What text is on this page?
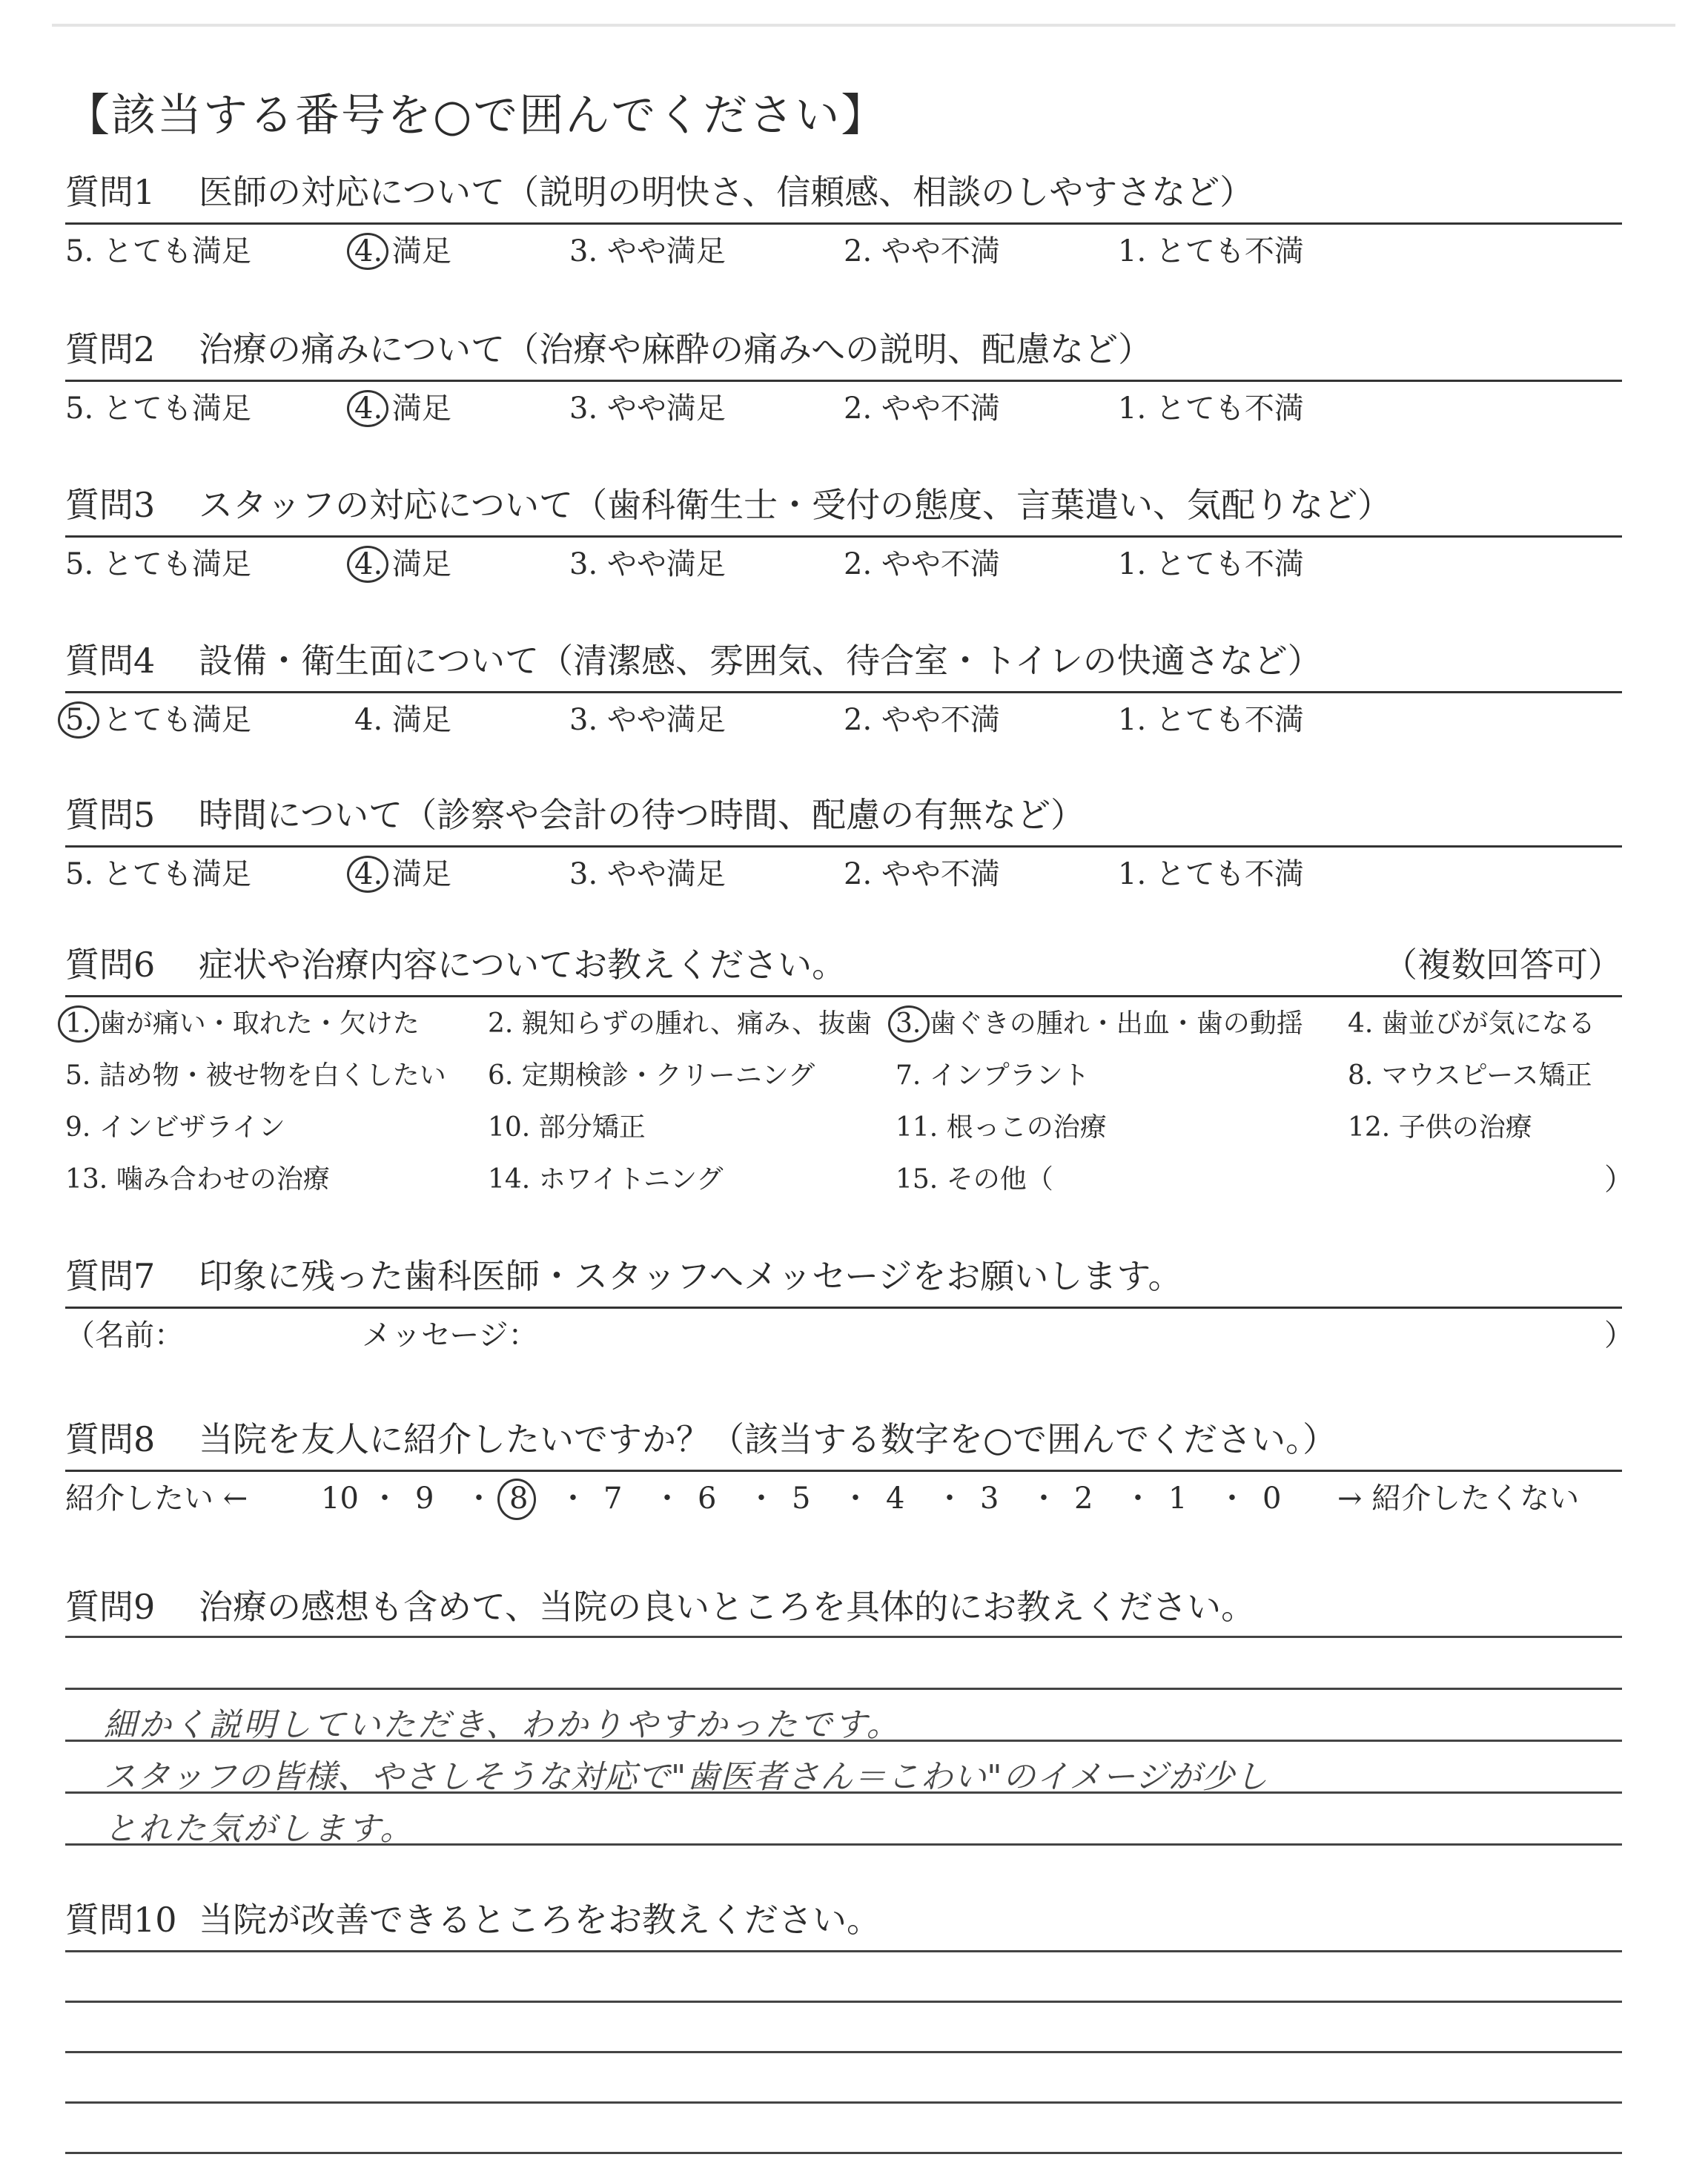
【該当する番号を○で囲んでください】
質問1 医師の対応について（説明の明快さ、信頼感、相談のしやすさなど）
5. とても満足	4. 満足	3. やや満足	2. やや不満	1. とても不満
質問2 治療の痛みについて（治療や麻酔の痛みへの説明、配慮など）
5. とても満足	4. 満足	3. やや満足	2. やや不満	1. とても不満
質問3 スタッフの対応について（歯科衛生士・受付の態度、言葉遣い、気配りなど）
5. とても満足	4. 満足	3. やや満足	2. やや不満	1. とても不満
質問4 設備・衛生面について（清潔感、雰囲気、待合室・トイレの快適さなど）
5. とても満足	4. 満足	3. やや満足	2. やや不満	1. とても不満
質問5 時間について（診察や会計の待つ時間、配慮の有無など）
5. とても満足	4. 満足	3. やや満足	2. やや不満	1. とても不満
質問6 症状や治療内容についてお教えください。	（複数回答可）
1. 歯が痛い・取れた・欠けた	2. 親知らずの腫れ、痛み、抜歯 3. 歯ぐきの腫れ・出血・歯の動揺 4. 歯並びが気になる
5. 詰め物・被せ物を白くしたい 6. 定期検診・クリーニング	7. インプラント	8. マウスピース矯正
9. インビザライン	10. 部分矯正	11. 根っこの治療	12. 子供の治療
13. 噛み合わせの治療	14. ホワイトニング	15. その他（	）
質問7 印象に残った歯科医師・スタッフへメッセージをお願いします。
（名前：	メッセージ：	）
質問8 当院を友人に紹介したいですか？（該当する数字を○で囲んでください。）
紹介したい ←	→ 紹介したくない
10 ・ 9 ・ 8 ・ 7 ・ 6 ・ 5 ・ 4 ・ 3 ・ 2 ・ 1 ・ 0
質問9 治療の感想も含めて、当院の良いところを具体的にお教えください。
細かく説明していただき、わかりやすかったです。
スタッフの皆様、やさしそうな対応で"歯医者さん＝こわい"のイメージが少し
とれた気がします。
質問10 当院が改善できるところをお教えください。
